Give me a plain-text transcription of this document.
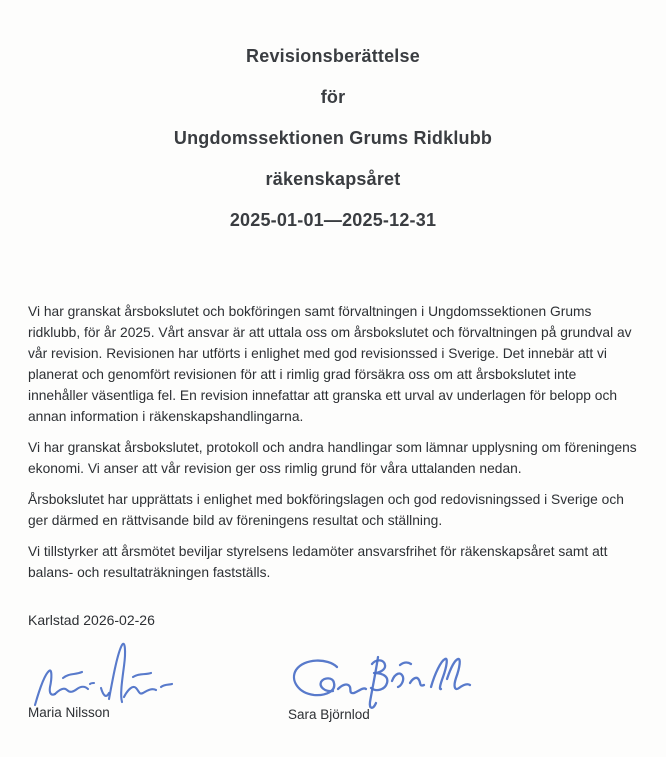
Revisionsberättelse
för
Ungdomssektionen Grums Ridklubb
räkenskapsåret
2025-01-01—2025-12-31

Vi har granskat årsbokslutet och bokföringen samt förvaltningen i Ungdomssektionen Grums ridklubb, för år 2025. Vårt ansvar är att uttala oss om årsbokslutet och förvaltningen på grundval av vår revision. Revisionen har utförts i enlighet med god revisionssed i Sverige. Det innebär att vi planerat och genomfört revisionen för att i rimlig grad försäkra oss om att årsbokslutet inte innehåller väsentliga fel. En revision innefattar att granska ett urval av underlagen för belopp och annan information i räkenskapshandlingarna.

Vi har granskat årsbokslutet, protokoll och andra handlingar som lämnar upplysning om föreningens ekonomi. Vi anser att vår revision ger oss rimlig grund för våra uttalanden nedan.

Årsbokslutet har upprättats i enlighet med bokföringslagen och god redovisningssed i Sverige och ger därmed en rättvisande bild av föreningens resultat och ställning.

Vi tillstyrker att årsmötet beviljar styrelsens ledamöter ansvarsfrihet för räkenskapsåret samt att balans- och resultaträkningen fastställs.

Karlstad 2026-02-26
Maria Nilsson	Sara Björnlod
